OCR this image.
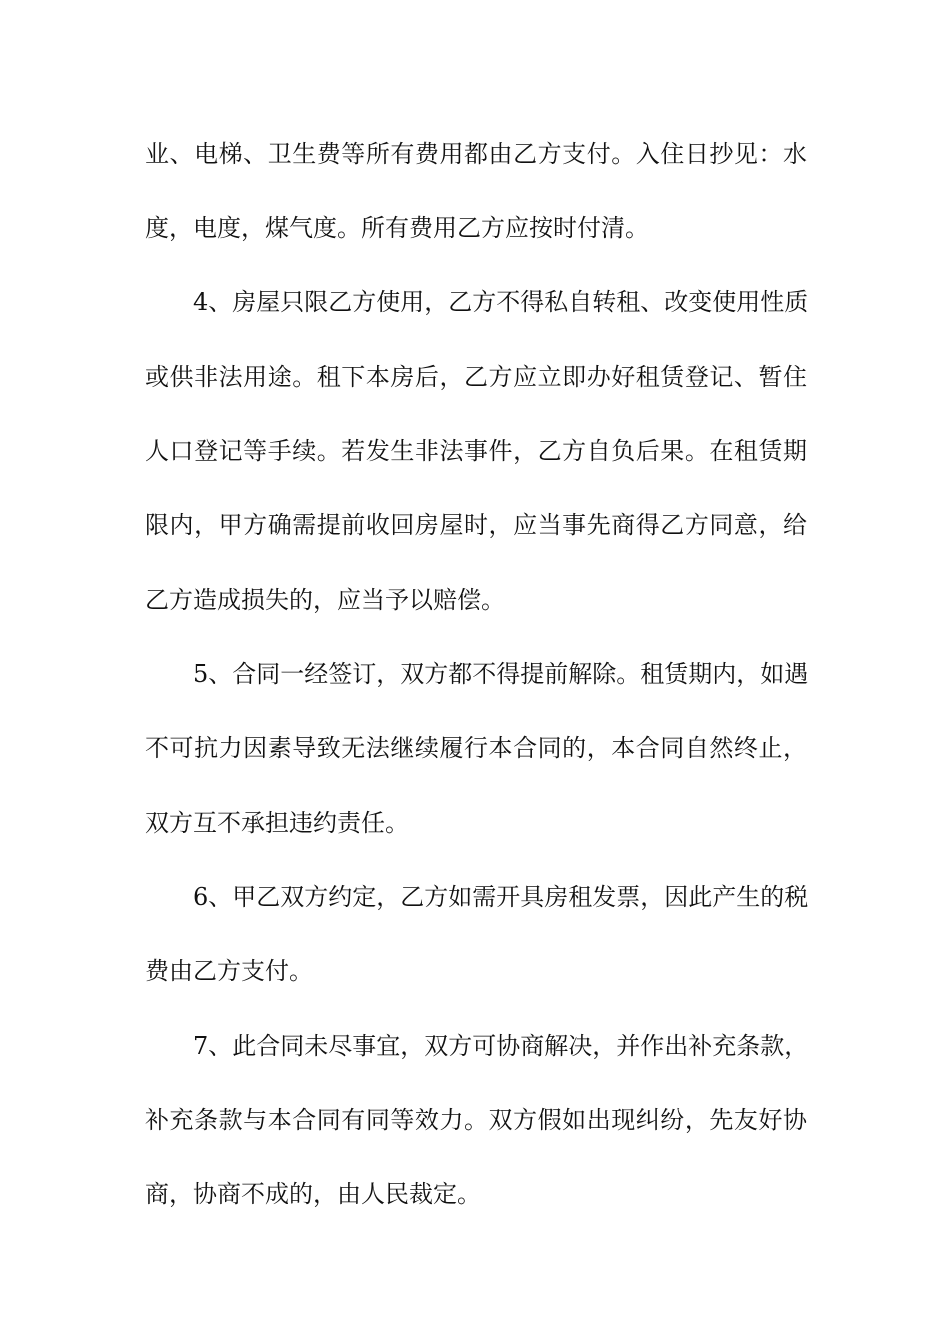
业、电梯、卫生费等所有费用都由乙方支付。入住日抄见：水
度，电度，煤气度。所有费用乙方应按时付清。
4、房屋只限乙方使用，乙方不得私自转租、改变使用性质
或供非法用途。租下本房后，乙方应立即办好租赁登记、暂住
人口登记等手续。若发生非法事件，乙方自负后果。在租赁期
限内，甲方确需提前收回房屋时，应当事先商得乙方同意，给
乙方造成损失的，应当予以赔偿。
5、合同一经签订，双方都不得提前解除。租赁期内，如遇
不可抗力因素导致无法继续履行本合同的，本合同自然终止，
双方互不承担违约责任。
6、甲乙双方约定，乙方如需开具房租发票，因此产生的税
费由乙方支付。
7、此合同未尽事宜，双方可协商解决，并作出补充条款，
补充条款与本合同有同等效力。双方假如出现纠纷，先友好协
商，协商不成的，由人民裁定。
